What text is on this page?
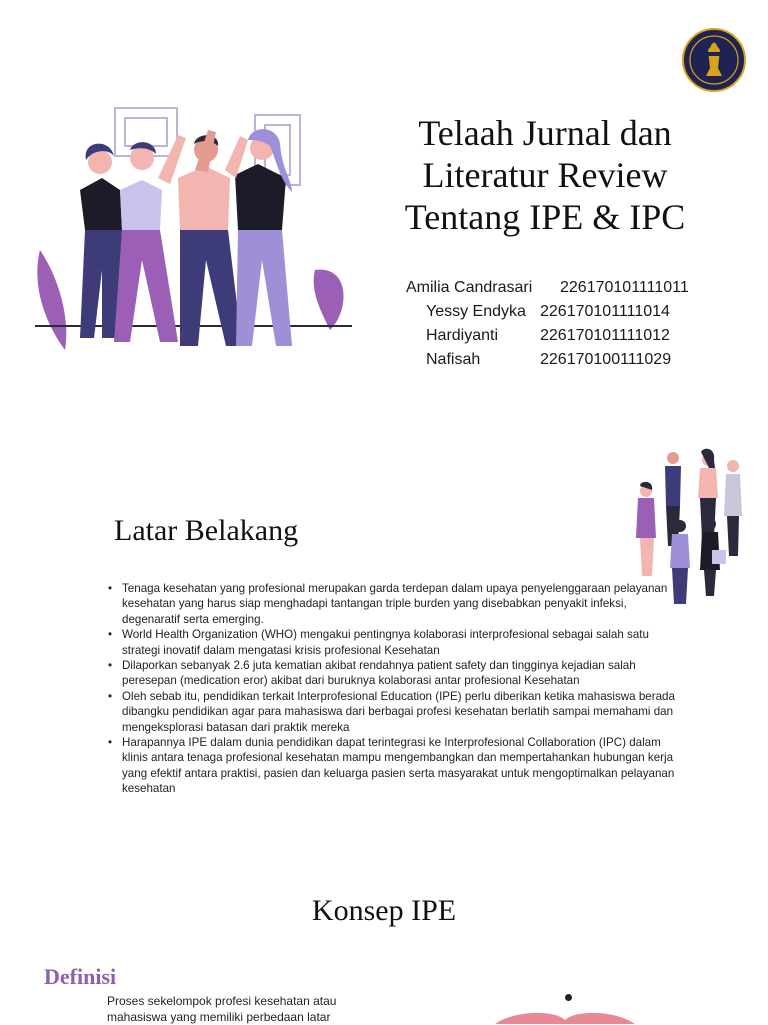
Telaah Jurnal dan Literatur Review Tentang IPE & IPC
Amilia Candrasari 226170101111011
Yessy Endyka 226170101111014
Hardiyanti	226170101111012
Nafisah	226170100111029
Latar Belakang
• Tenaga kesehatan yang profesional merupakan garda terdepan dalam upaya penyelenggaraan pelayanan kesehatan yang harus siap menghadapi tantangan triple burden yang disebabkan penyakit infeksi, degenaratif serta emerging.
• World Health Organization (WHO) mengakui pentingnya kolaborasi interprofesional sebagai salah satu strategi inovatif dalam mengatasi krisis profesional Kesehatan
• Dilaporkan sebanyak 2.6 juta kematian akibat rendahnya patient safety dan tingginya kejadian salah peresepan (medication eror) akibat dari buruknya kolaborasi antar profesional Kesehatan
• Oleh sebab itu, pendidikan terkait Interprofesional Education (IPE) perlu diberikan ketika mahasiswa berada dibangku pendidikan agar para mahasiswa dari berbagai profesi kesehatan berlatih sampai memahami dan mengeksplorasi batasan dari praktik mereka
• Harapannya IPE dalam dunia pendidikan dapat terintegrasi ke Interprofesional Collaboration (IPC) dalam klinis antara tenaga profesional kesehatan mampu mengembangkan dan mempertahankan hubungan kerja yang efektif antara praktisi, pasien dan keluarga pasien serta masyarakat untuk mengoptimalkan pelayanan kesehatan
Konsep IPE
Definisi
Proses sekelompok profesi kesehatan atau mahasiswa yang memiliki perbedaan latar
